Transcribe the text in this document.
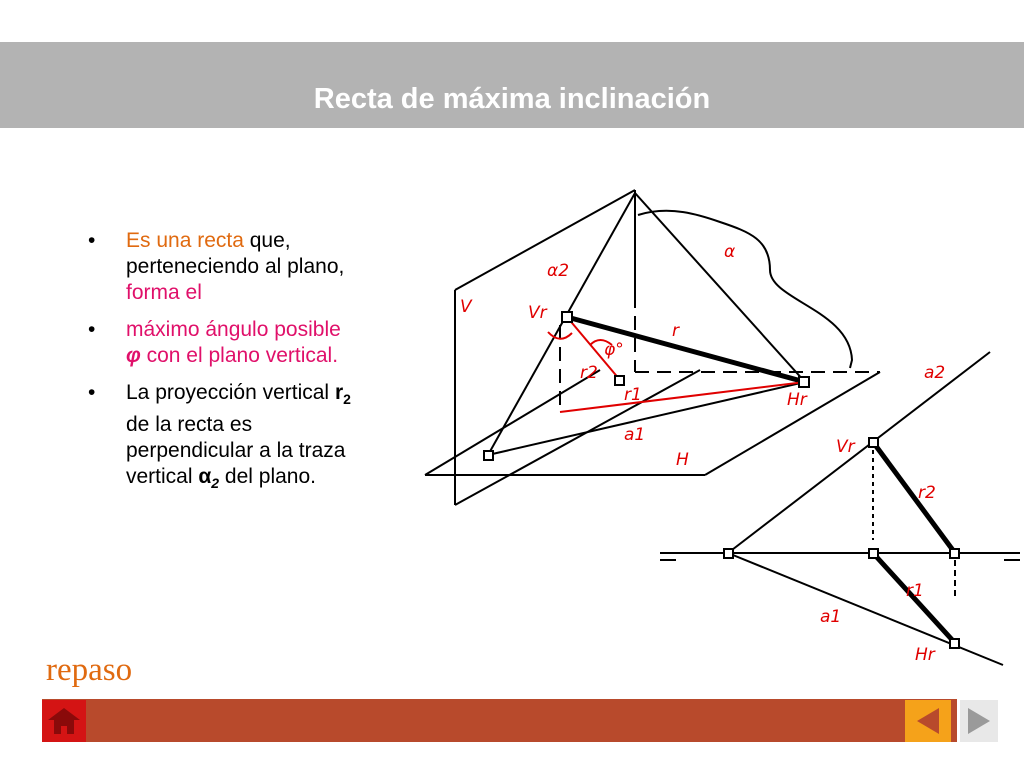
Recta de máxima inclinación
• Es una recta que, perteneciendo al plano, forma el
• máximo ángulo posible φ con el plano vertical.
• La proyección vertical $r_2$ de la recta es perpendicular a la traza vertical $\alpha_2$ del plano.
α
α2
V	Vr
φ°
r
r2
r1	Hr
a1
H
a2
Vr
r2
r1
a1
Hr
repaso
